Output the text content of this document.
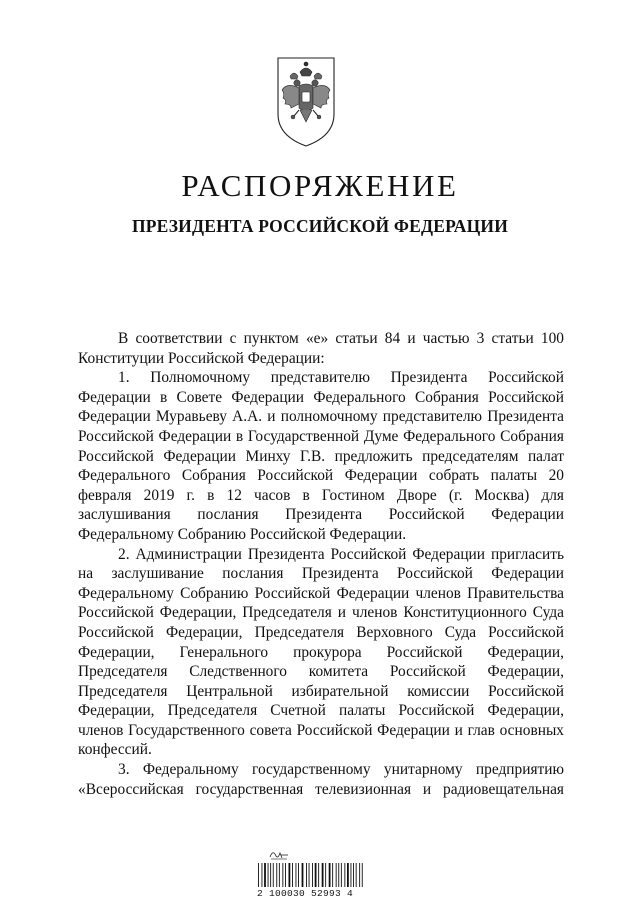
РАСПОРЯЖЕНИЕ
ПРЕЗИДЕНТА РОССИЙСКОЙ ФЕДЕРАЦИИ

В соответствии с пунктом «е» статьи 84 и частью 3 статьи 100 Конституции Российской Федерации:

1. Полномочному представителю Президента Российской Федерации в Совете Федерации Федерального Собрания Российской Федерации Муравьеву А.А. и полномочному представителю Президента Российской Федерации в Государственной Думе Федерального Собрания Российской Федерации Минху Г.В. предложить председателям палат Федерального Собрания Российской Федерации собрать палаты 20 февраля 2019 г. в 12 часов в Гостином Дворе (г. Москва) для заслушивания послания Президента Российской Федерации Федеральному Собранию Российской Федерации.

2. Администрации Президента Российской Федерации пригласить на заслушивание послания Президента Российской Федерации Федеральному Собранию Российской Федерации членов Правительства Российской Федерации, Председателя и членов Конституционного Суда Российской Федерации, Председателя Верховного Суда Российской Федерации, Генерального прокурора Российской Федерации, Председателя Следственного комитета Российской Федерации, Председателя Центральной избирательной комиссии Российской Федерации, Председателя Счетной палаты Российской Федерации, членов Государственного совета Российской Федерации и глав основных конфессий.

3. Федеральному государственному унитарному предприятию «Всероссийская государственная телевизионная и радиовещательная

2 100030 52993 4
